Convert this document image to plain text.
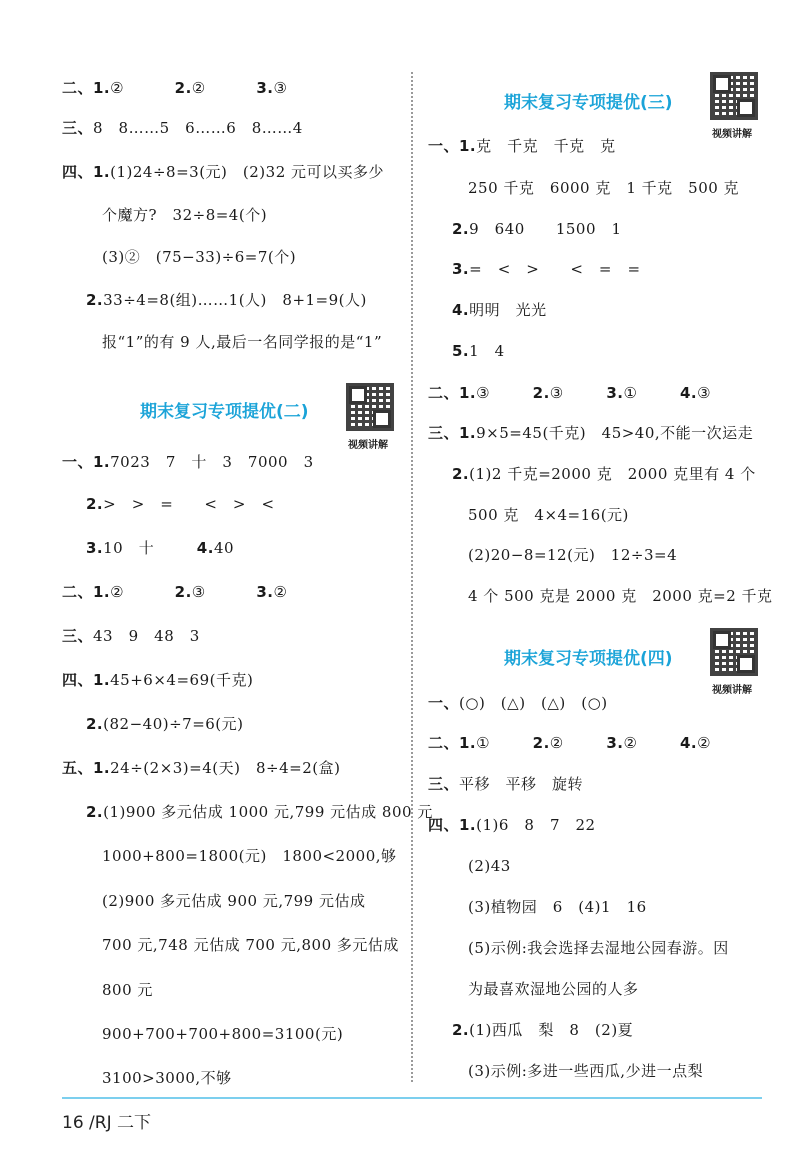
二、1.②	2.②	3.③
三、8　8……5　6……6　8……4
四、1.(1)24÷8=3(元)　(2)32 元可以买多少
个魔方?　32÷8=4(个)
(3)②　(75−33)÷6=7(个)
2.33÷4=8(组)……1(人)　8+1=9(人)
报“1”的有 9 人,最后一名同学报的是“1”
期末复习专项提优(二)
视频讲解
一、1.7023　7　十　3　7000　3
2.>　>　=　　<　>　<
3.10　十	4.40
二、1.②	2.③	3.②
三、43　9　48　3
四、1.45+6×4=69(千克)
2.(82−40)÷7=6(元)
五、1.24÷(2×3)=4(天)　8÷4=2(盒)
2.(1)900 多元估成 1000 元,799 元估成 800 元
1000+800=1800(元)　1800<2000,够
(2)900 多元估成 900 元,799 元估成
700 元,748 元估成 700 元,800 多元估成
800 元
900+700+700+800=3100(元)
3100>3000,不够
期末复习专项提优(三)
视频讲解
一、1.克　千克　千克　克
250 千克　6000 克　1 千克　500 克
2.9　640　　1500　1
3.=　<　>　　<　=　=
4.明明　光光
5.1　4
二、1.③	2.③	3.①	4.③
三、1.9×5=45(千克)　45>40,不能一次运走
2.(1)2 千克=2000 克　2000 克里有 4 个
500 克　4×4=16(元)
(2)20−8=12(元)　12÷3=4
4 个 500 克是 2000 克　2000 克=2 千克
期末复习专项提优(四)
视频讲解
一、(○)　(△)　(△)　(○)
二、1.①	2.②	3.②	4.②
三、平移　平移　旋转
四、1.(1)6　8　7　22
(2)43
(3)植物园　6　(4)1　16
(5)示例:我会选择去湿地公园春游。因
为最喜欢湿地公园的人多
2.(1)西瓜　梨　8　(2)夏
(3)示例:多进一些西瓜,少进一点梨
16 /RJ 二下
